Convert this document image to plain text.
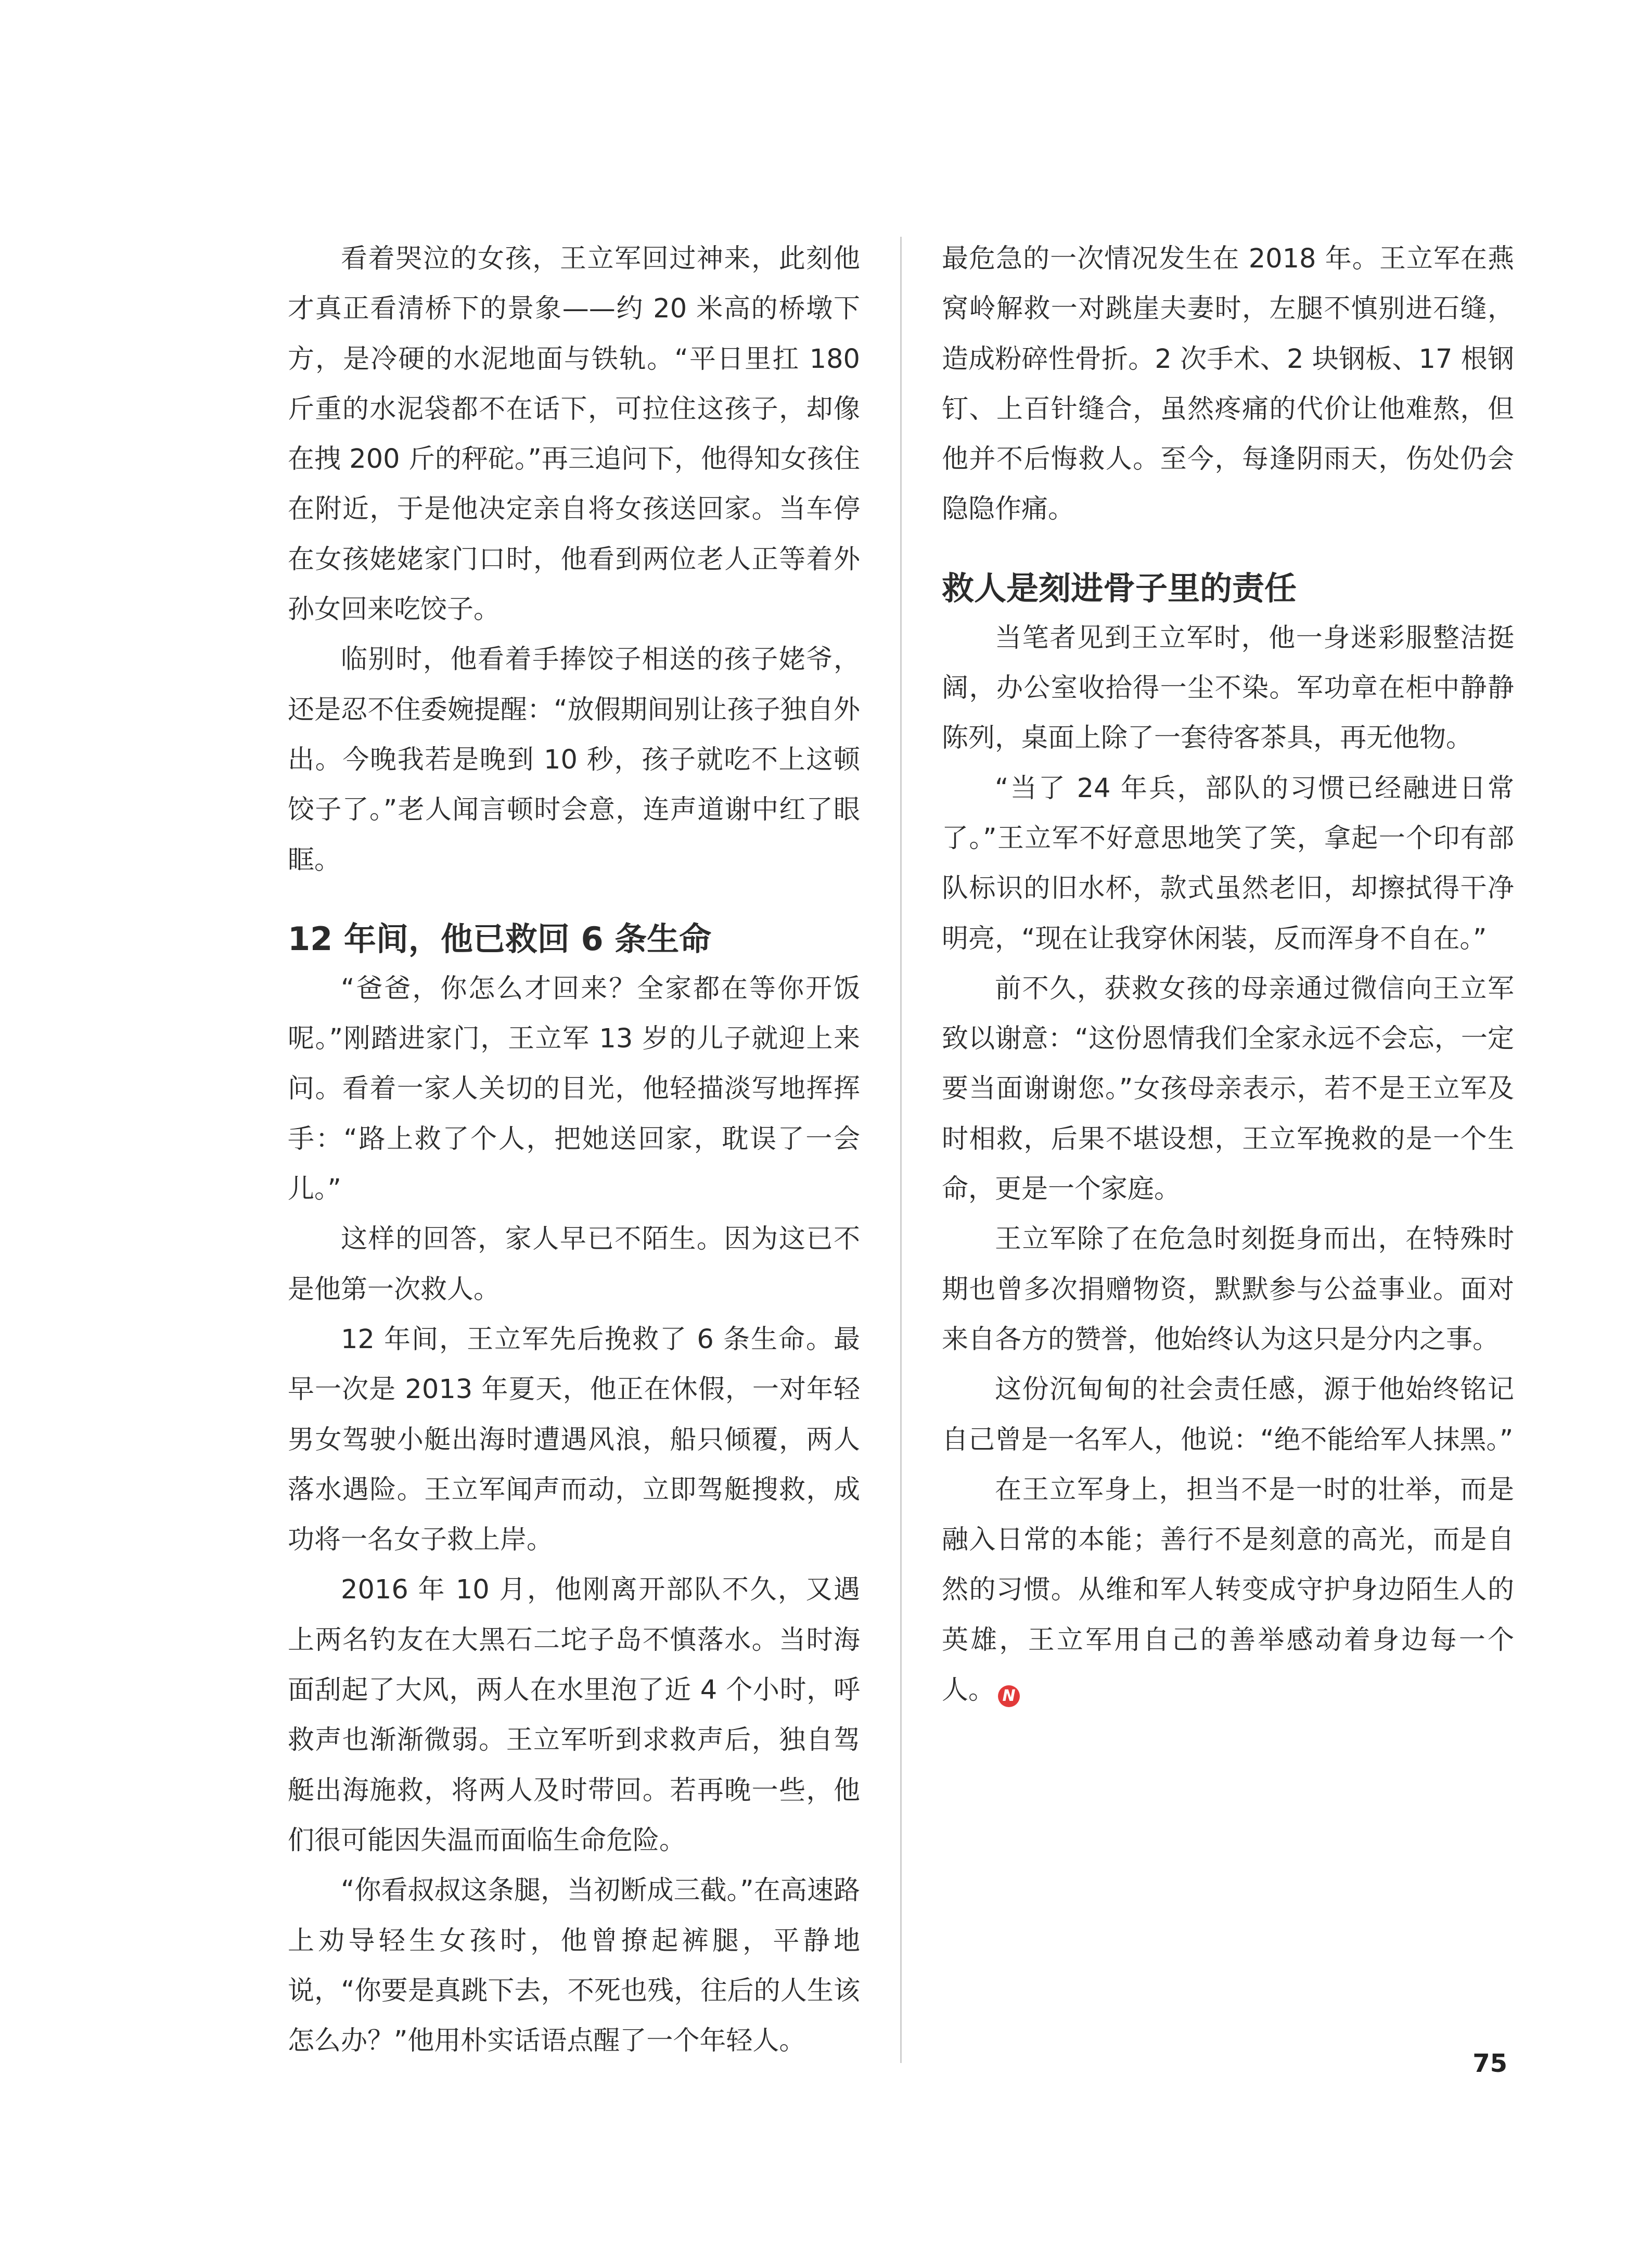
看着哭泣的女孩，王立军回过神来，此刻他才真正看清桥下的景象——约 20 米高的桥墩下方，是冷硬的水泥地面与铁轨。“平日里扛 180 斤重的水泥袋都不在话下，可拉住这孩子，却像在拽 200 斤的秤砣。”再三追问下，他得知女孩住在附近，于是他决定亲自将女孩送回家。当车停在女孩姥姥家门口时，他看到两位老人正等着外孙女回来吃饺子。

临别时，他看着手捧饺子相送的孩子姥爷，还是忍不住委婉提醒：“放假期间别让孩子独自外出。今晚我若是晚到 10 秒，孩子就吃不上这顿饺子了。”老人闻言顿时会意，连声道谢中红了眼眶。

12 年间，他已救回 6 条生命

“爸爸，你怎么才回来？全家都在等你开饭呢。”刚踏进家门，王立军 13 岁的儿子就迎上来问。看着一家人关切的目光，他轻描淡写地挥挥手：“路上救了个人，把她送回家，耽误了一会儿。”

这样的回答，家人早已不陌生。因为这已不是他第一次救人。

12 年间，王立军先后挽救了 6 条生命。最早一次是 2013 年夏天，他正在休假，一对年轻男女驾驶小艇出海时遭遇风浪，船只倾覆，两人落水遇险。王立军闻声而动，立即驾艇搜救，成功将一名女子救上岸。

2016 年 10 月，他刚离开部队不久，又遇上两名钓友在大黑石二坨子岛不慎落水。当时海面刮起了大风，两人在水里泡了近 4 个小时，呼救声也渐渐微弱。王立军听到求救声后，独自驾艇出海施救，将两人及时带回。若再晚一些，他们很可能因失温而面临生命危险。

“你看叔叔这条腿，当初断成三截。”在高速路上劝导轻生女孩时，他曾撩起裤腿，平静地说，“你要是真跳下去，不死也残，往后的人生该怎么办？”他用朴实话语点醒了一个年轻人。

最危急的一次情况发生在 2018 年。王立军在燕窝岭解救一对跳崖夫妻时，左腿不慎别进石缝，造成粉碎性骨折。2 次手术、2 块钢板、17 根钢钉、上百针缝合，虽然疼痛的代价让他难熬，但他并不后悔救人。至今，每逢阴雨天，伤处仍会隐隐作痛。

救人是刻进骨子里的责任

当笔者见到王立军时，他一身迷彩服整洁挺阔，办公室收拾得一尘不染。军功章在柜中静静陈列，桌面上除了一套待客茶具，再无他物。

“当了 24 年兵，部队的习惯已经融进日常了。”王立军不好意思地笑了笑，拿起一个印有部队标识的旧水杯，款式虽然老旧，却擦拭得干净明亮，“现在让我穿休闲装，反而浑身不自在。”

前不久，获救女孩的母亲通过微信向王立军致以谢意：“这份恩情我们全家永远不会忘，一定要当面谢谢您。”女孩母亲表示，若不是王立军及时相救，后果不堪设想，王立军挽救的是一个生命，更是一个家庭。

王立军除了在危急时刻挺身而出，在特殊时期也曾多次捐赠物资，默默参与公益事业。面对来自各方的赞誉，他始终认为这只是分内之事。

这份沉甸甸的社会责任感，源于他始终铭记自己曾是一名军人，他说：“绝不能给军人抹黑。”

在王立军身上，担当不是一时的壮举，而是融入日常的本能；善行不是刻意的高光，而是自然的习惯。从维和军人转变成守护身边陌生人的英雄，王立军用自己的善举感动着身边每一个人。 N

75
